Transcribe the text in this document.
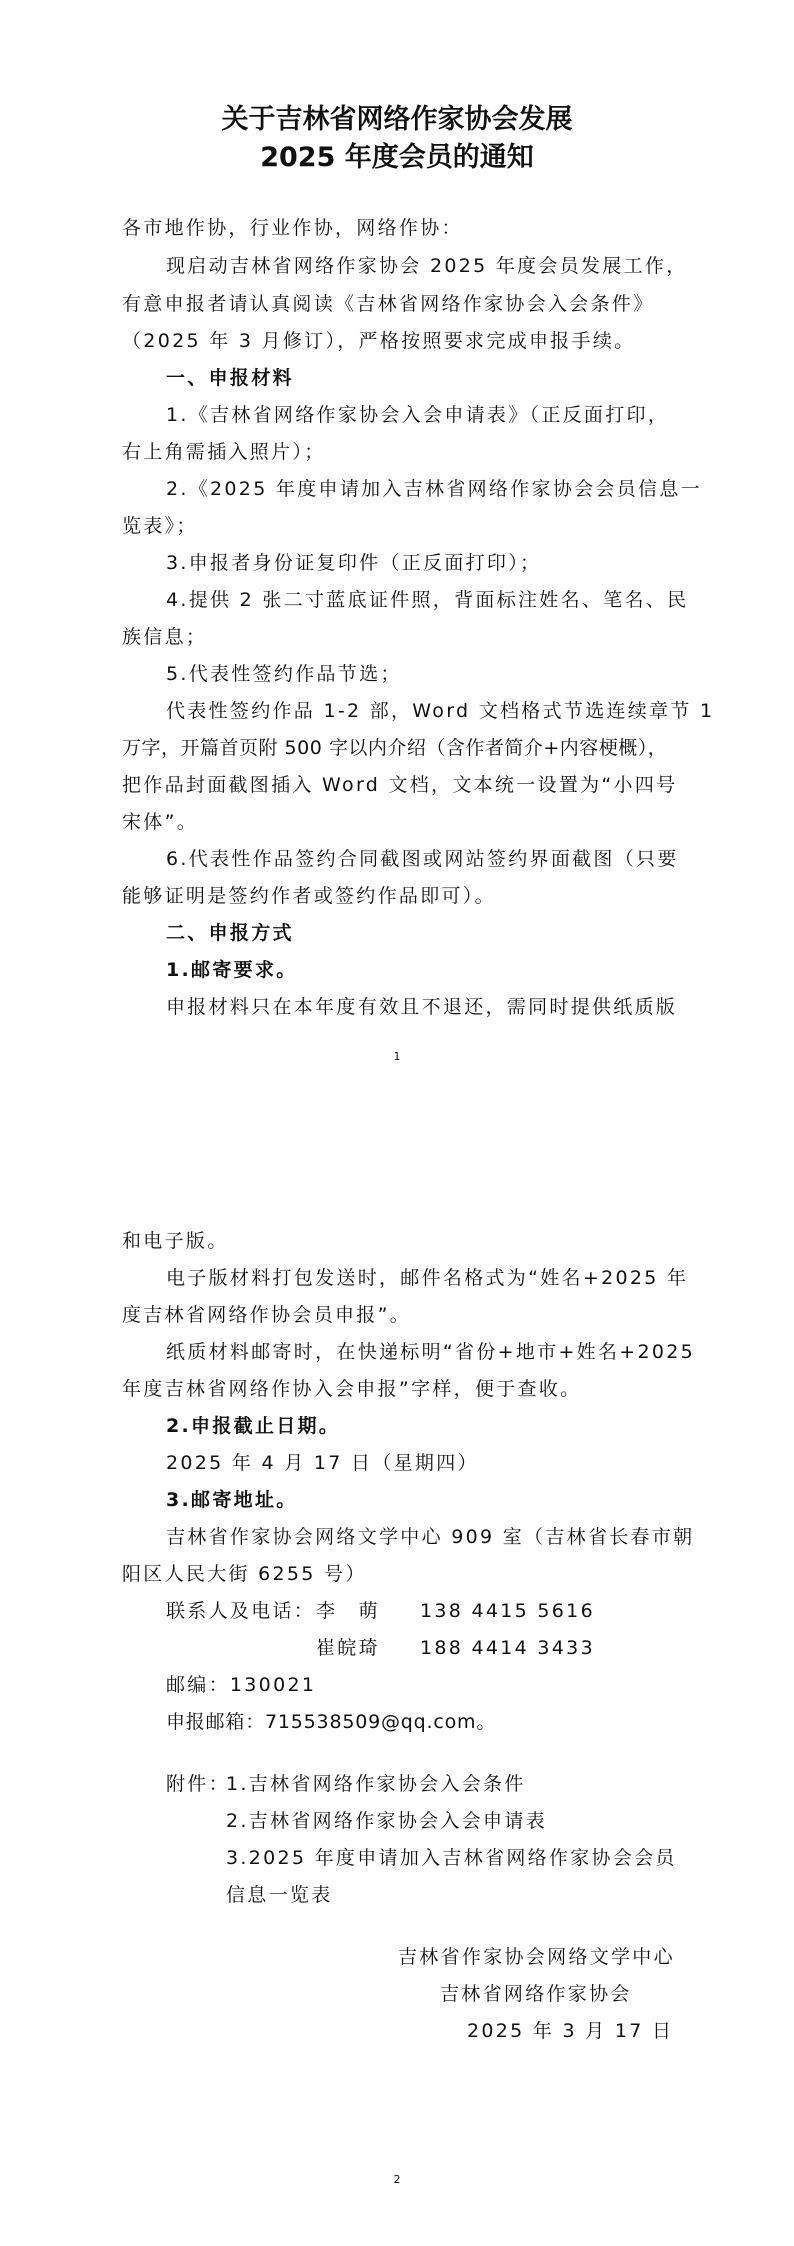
关于吉林省网络作家协会发展
2025 年度会员的通知
各市地作协，行业作协，网络作协：
现启动吉林省网络作家协会 2025 年度会员发展工作，
有意申报者请认真阅读《吉林省网络作家协会入会条件》
（2025 年 3 月修订），严格按照要求完成申报手续。
一、申报材料
1.《吉林省网络作家协会入会申请表》（正反面打印，
右上角需插入照片）；
2.《2025 年度申请加入吉林省网络作家协会会员信息一
览表》；
3.申报者身份证复印件（正反面打印）；
4.提供 2 张二寸蓝底证件照，背面标注姓名、笔名、民
族信息；
5.代表性签约作品节选；
代表性签约作品 1-2 部，Word 文档格式节选连续章节 1
万字，开篇首页附 500 字以内介绍（含作者简介+内容梗概），
把作品封面截图插入 Word 文档，文本统一设置为“小四号
宋体”。
6.代表性作品签约合同截图或网站签约界面截图（只要
能够证明是签约作者或签约作品即可）。
二、申报方式
1.邮寄要求。
申报材料只在本年度有效且不退还，需同时提供纸质版
1
和电子版。
电子版材料打包发送时，邮件名格式为“姓名+2025 年
度吉林省网络作协会员申报”。
纸质材料邮寄时，在快递标明“省份+地市+姓名+2025
年度吉林省网络作协入会申报”字样，便于查收。
2.申报截止日期。
2025 年 4 月 17 日（星期四）
3.邮寄地址。
吉林省作家协会网络文学中心 909 室（吉林省长春市朝
阳区人民大街 6255 号）
联系人及电话： 李　萌 138 4415 5616
崔皖琦 188 4414 3433
邮编：130021
申报邮箱：715538509@qq.com。
附件：
1.吉林省网络作家协会入会条件
2.吉林省网络作家协会入会申请表
3.2025 年度申请加入吉林省网络作家协会会员
信息一览表
吉林省作家协会网络文学中心
吉林省网络作家协会
2025 年 3 月 17 日
2
